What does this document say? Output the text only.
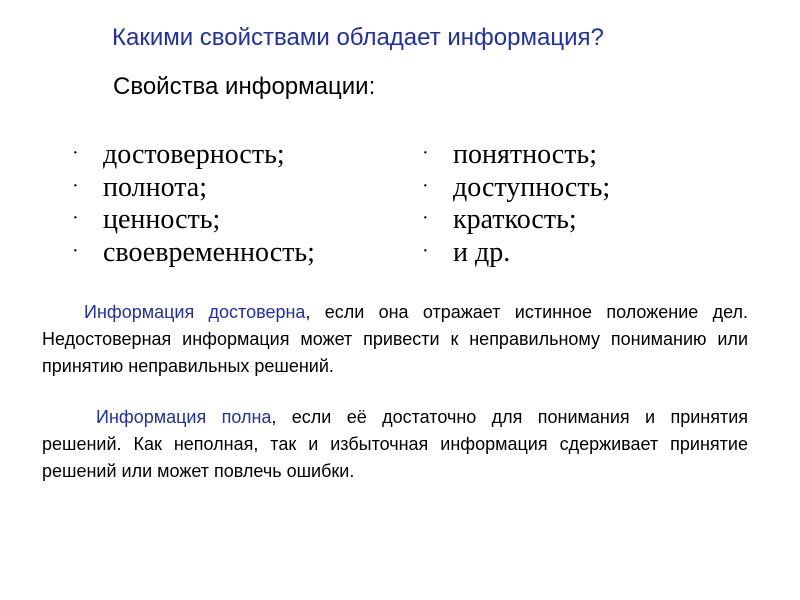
Какими свойствами обладает информация?
Свойства информации:
· достоверность;
· полнота;
· ценность;
· своевременность;
· понятность;
· доступность;
· краткость;
· и др.

Информация достоверна, если она отражает истинное положение дел. Недостоверная информация может привести к неправильному пониманию или принятию неправильных решений.

Информация полна, если её достаточно для понимания и принятия решений. Как неполная, так и избыточная информация сдерживает принятие решений или может повлечь ошибки.
